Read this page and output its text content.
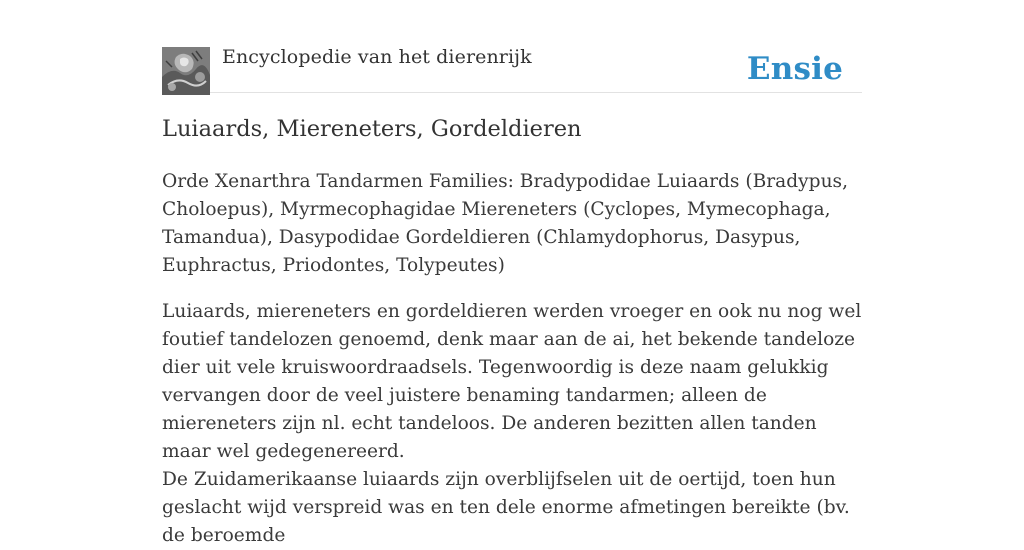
Encyclopedie van het dierenrijk	Ensie
Luiaards, Miereneters, Gordeldieren

Orde Xenarthra Tandarmen Families: Bradypodidae Luiaards (Bradypus, Choloepus), Myrmecophagidae Miereneters (Cyclopes, Mymecophaga, Tamandua), Dasypodidae Gordeldieren (Chlamydophorus, Dasypus, Euphractus, Priodontes, Tolypeutes)

Luiaards, miereneters en gordeldieren werden vroeger en ook nu nog wel foutief tandelozen genoemd, denk maar aan de ai, het bekende tandeloze dier uit vele kruiswoordraadsels. Tegenwoordig is deze naam gelukkig vervangen door de veel juistere benaming tandarmen; alleen de miereneters zijn nl. echt tandeloos. De anderen bezitten allen tanden maar wel gedegenereerd.

De Zuidamerikaanse luiaards zijn overblijfselen uit de oertijd, toen hun geslacht wijd verspreid was en ten dele enorme afmetingen bereikte (bv. de beroemde
